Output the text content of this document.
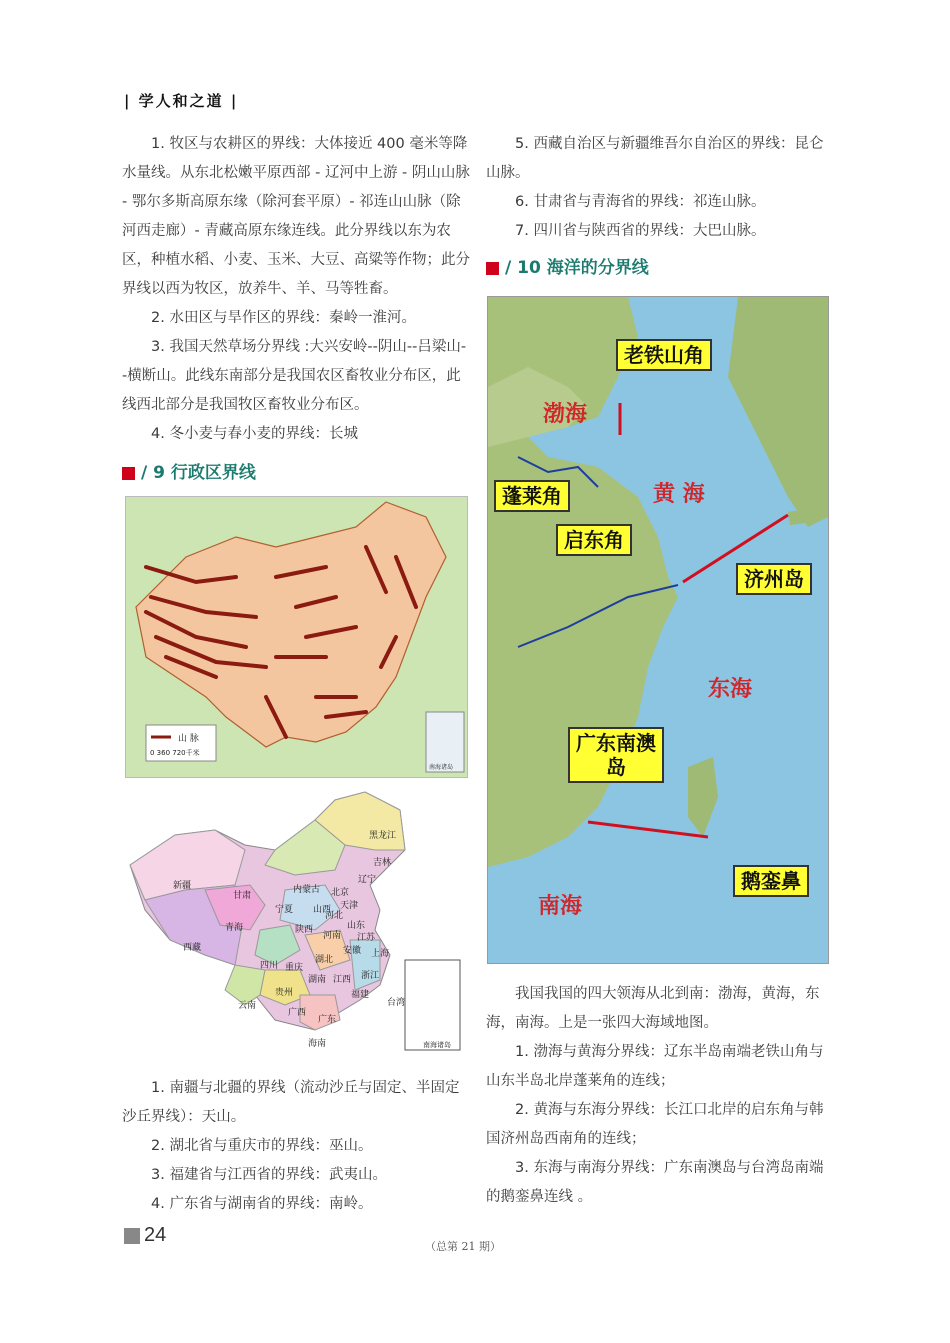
| 学人和之道 |

1. 牧区与农耕区的界线：大体接近 400 毫米等降水量线。从东北松嫩平原西部 - 辽河中上游 - 阴山山脉 - 鄂尔多斯高原东缘（除河套平原）- 祁连山山脉（除河西走廊）- 青藏高原东缘连线。此分界线以东为农区，种植水稻、小麦、玉米、大豆、高粱等作物；此分界线以西为牧区，放养牛、羊、马等牲畜。

2. 水田区与旱作区的界线：秦岭一淮河。

3. 我国天然草场分界线 :大兴安岭--阴山--吕梁山--横断山。此线东南部分是我国农区畜牧业分布区，此线西北部分是我国牧区畜牧业分布区。

4. 冬小麦与春小麦的界线：长城

/ 9 行政区界线

5. 西藏自治区与新疆维吾尔自治区的界线：昆仑山脉。

6. 甘肃省与青海省的界线：祁连山脉。

7. 四川省与陕西省的界线：大巴山脉。

/ 10 海洋的分界线
山 脉
0 360 720千米
南海诸岛
新疆
西藏
青海
甘肃
内蒙古
黑龙江
吉林
辽宁
北京
天津
河北
山西
山东
宁夏
陕西
河南 江苏
安徽 上海
湖北
四川 重庆
湖南 江西 浙江
贵州	福建
云南
广西
广东
台湾
海南	南海诸岛
老铁山角
蓬莱角
启东角
济州岛
广东南澳岛
鹅銮鼻
渤海
黄 海
东海
南海

1. 南疆与北疆的界线（流动沙丘与固定、半固定沙丘界线）：天山。

2. 湖北省与重庆市的界线：巫山。

3. 福建省与江西省的界线：武夷山。

4. 广东省与湖南省的界线：南岭。

我国我国的四大领海从北到南：渤海，黄海，东海，南海。上是一张四大海域地图。

1. 渤海与黄海分界线：辽东半岛南端老铁山角与山东半岛北岸蓬莱角的连线；

2. 黄海与东海分界线：长江口北岸的启东角与韩国济州岛西南角的连线；

3. 东海与南海分界线：广东南澳岛与台湾岛南端的鹅銮鼻连线 。

24
（总第 21 期）
